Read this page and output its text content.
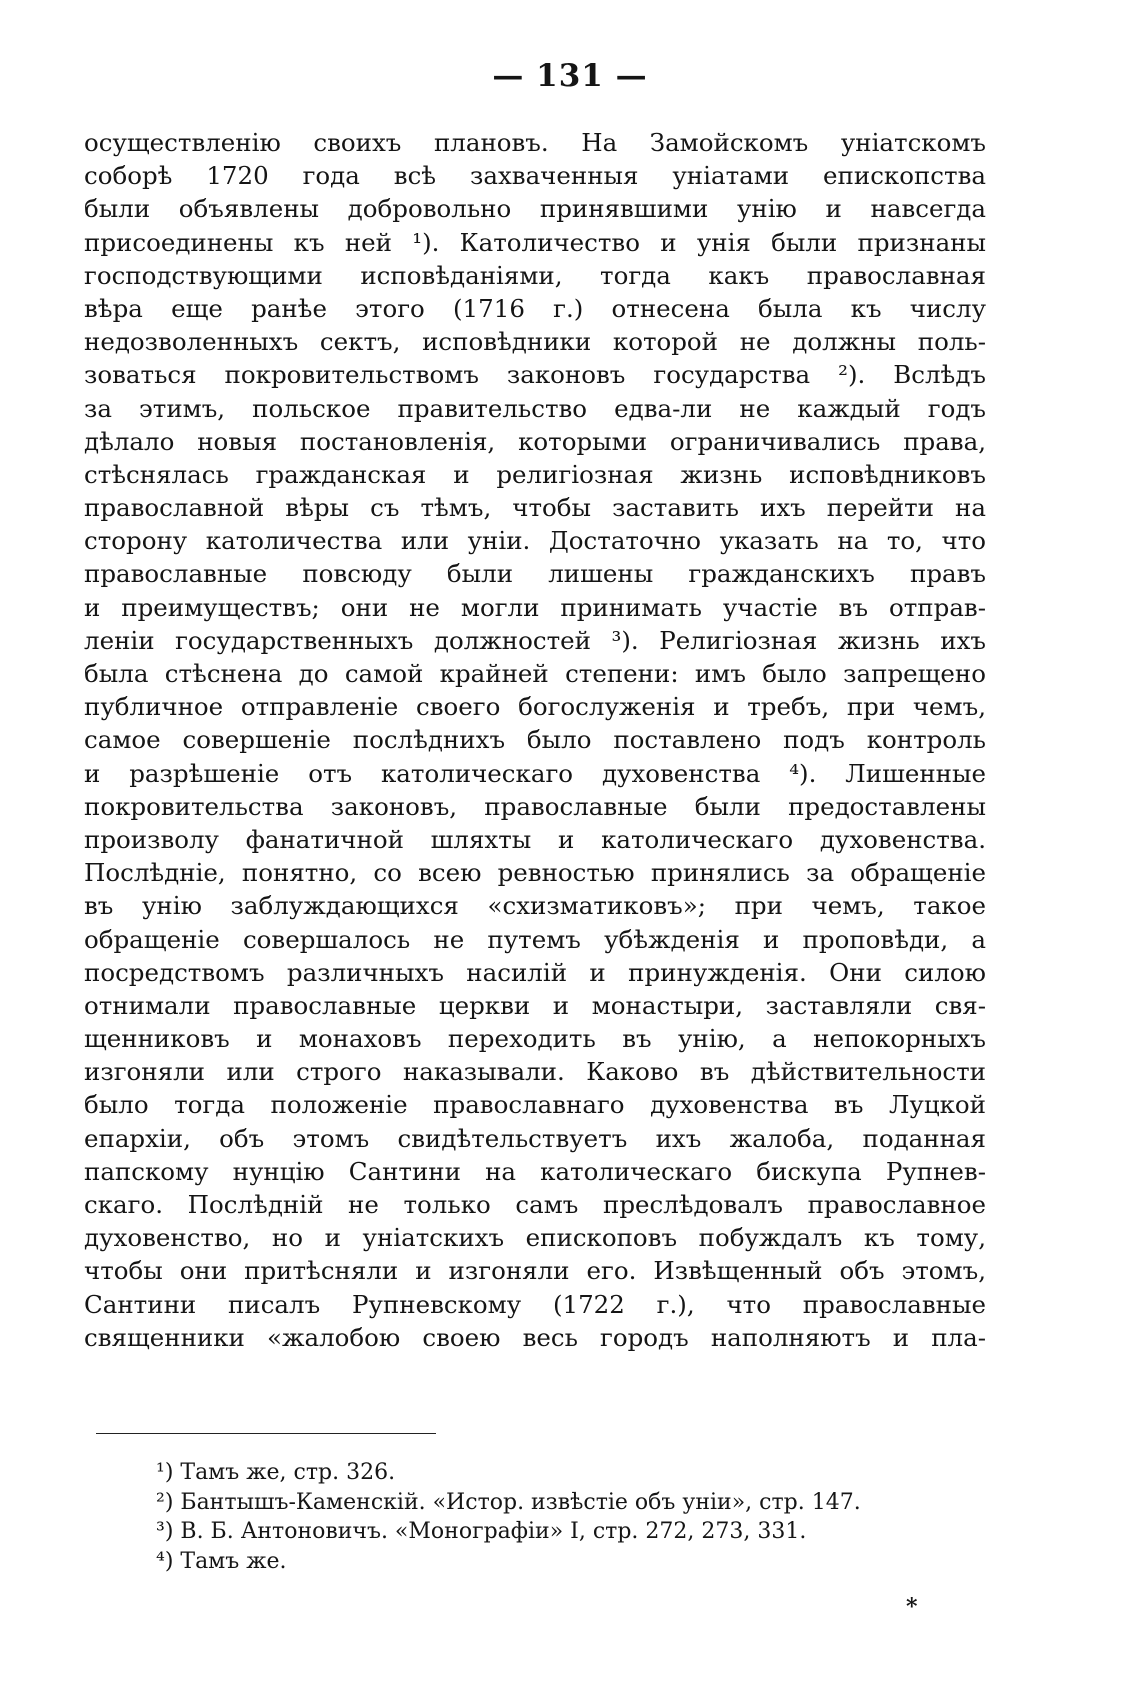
— 131 —
осуществленію своихъ плановъ. На Замойскомъ уніатскомъ
соборѣ 1720 года всѣ захваченныя уніатами епископства
были объявлены добровольно принявшими унію и навсегда
присоединены къ ней ¹). Католичество и унія были признаны
господствующими исповѣданіями, тогда какъ православная
вѣра еще ранѣе этого (1716 г.) отнесена была къ числу
недозволенныхъ сектъ, исповѣдники которой не должны поль-
зоваться покровительствомъ законовъ государства ²). Вслѣдъ
за этимъ, польское правительство едва-ли не каждый годъ
дѣлало новыя постановленія, которыми ограничивались права,
стѣснялась гражданская и религіозная жизнь исповѣдниковъ
православной вѣры съ тѣмъ, чтобы заставить ихъ перейти на
сторону католичества или уніи. Достаточно указать на то, что
православные повсюду были лишены гражданскихъ правъ
и преимуществъ; они не могли принимать участіе въ отправ-
леніи государственныхъ должностей ³). Религіозная жизнь ихъ
была стѣснена до самой крайней степени: имъ было запрещено
публичное отправленіе своего богослуженія и требъ, при чемъ,
самое совершеніе послѣднихъ было поставлено подъ контроль
и разрѣшеніе отъ католическаго духовенства ⁴). Лишенные
покровительства законовъ, православные были предоставлены
произволу фанатичной шляхты и католическаго духовенства.
Послѣдніе, понятно, со всею ревностью принялись за обращеніе
въ унію заблуждающихся «схизматиковъ»; при чемъ, такое
обращеніе совершалось не путемъ убѣжденія и проповѣди, а
посредствомъ различныхъ насилій и принужденія. Они силою
отнимали православные церкви и монастыри, заставляли свя-
щенниковъ и монаховъ переходить въ унію, а непокорныхъ
изгоняли или строго наказывали. Каково въ дѣйствительности
было тогда положеніе православнаго духовенства въ Луцкой
епархіи, объ этомъ свидѣтельствуетъ ихъ жалоба, поданная
папскому нунцію Сантини на католическаго бискупа Рупнев-
скаго. Послѣдній не только самъ преслѣдовалъ православное
духовенство, но и уніатскихъ епископовъ побуждалъ къ тому,
чтобы они притѣсняли и изгоняли его. Извѣщенный объ этомъ,
Сантини писалъ Рупневскому (1722 г.), что православные
священники «жалобою своею весь городъ наполняютъ и пла-
¹) Тамъ же, стр. 326.
²) Бантышъ-Каменскій. «Истор. извѣстіе объ уніи», стр. 147.
³) В. Б. Антоновичъ. «Монографіи» I, стр. 272, 273, 331.
⁴) Тамъ же.
*
